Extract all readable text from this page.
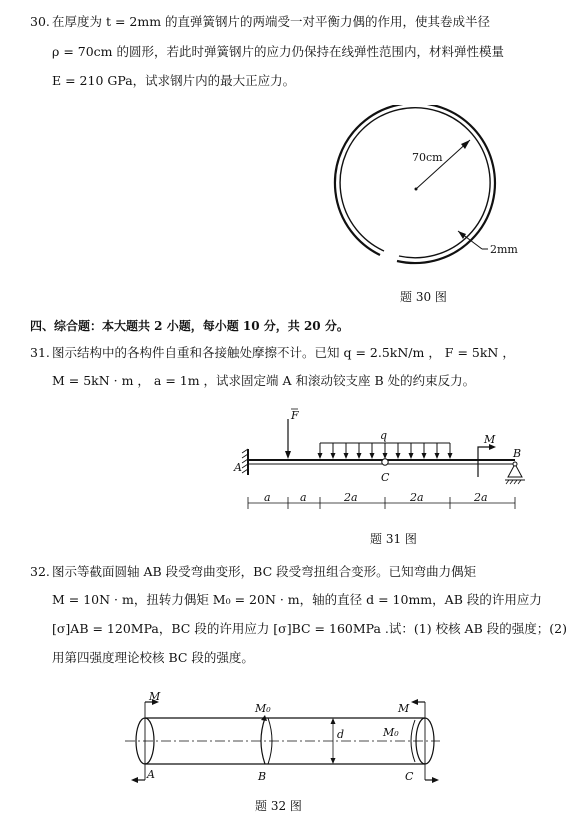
30. 在厚度为 t = 2mm 的直弹簧钢片的两端受一对平衡力偶的作用，使其卷成半径
ρ = 70cm 的圆形，若此时弹簧钢片的应力仍保持在线弹性范围内，材料弹性模量
E = 210 GPa，试求钢片内的最大正应力。
70cm
2mm
题 30 图
四、综合题：本大题共 2 小题，每小题 10 分，共 20 分。
31. 图示结构中的各构件自重和各接触处摩擦不计。已知 q = 2.5kN/m ， F = 5kN ，
M = 5kN · m ， a = 1m ，试求固定端 A 和滚动铰支座 B 处的约束反力。
A
C
F
q	M
B
a	a	2a	2a	2a
题 31 图
32. 图示等截面圆轴 AB 段受弯曲变形，BC 段受弯扭组合变形。已知弯曲力偶矩
M = 10N · m，扭转力偶矩 M₀ = 20N · m，轴的直径 d = 10mm，AB 段的许用应力
[σ]AB = 120MPa，BC 段的许用应力 [σ]BC = 160MPa .试：(1) 校核 AB 段的强度；(2)
用第四强度理论校核 BC 段的强度。
M
M₀
d
M
M₀
A	B	C
题 32 图
